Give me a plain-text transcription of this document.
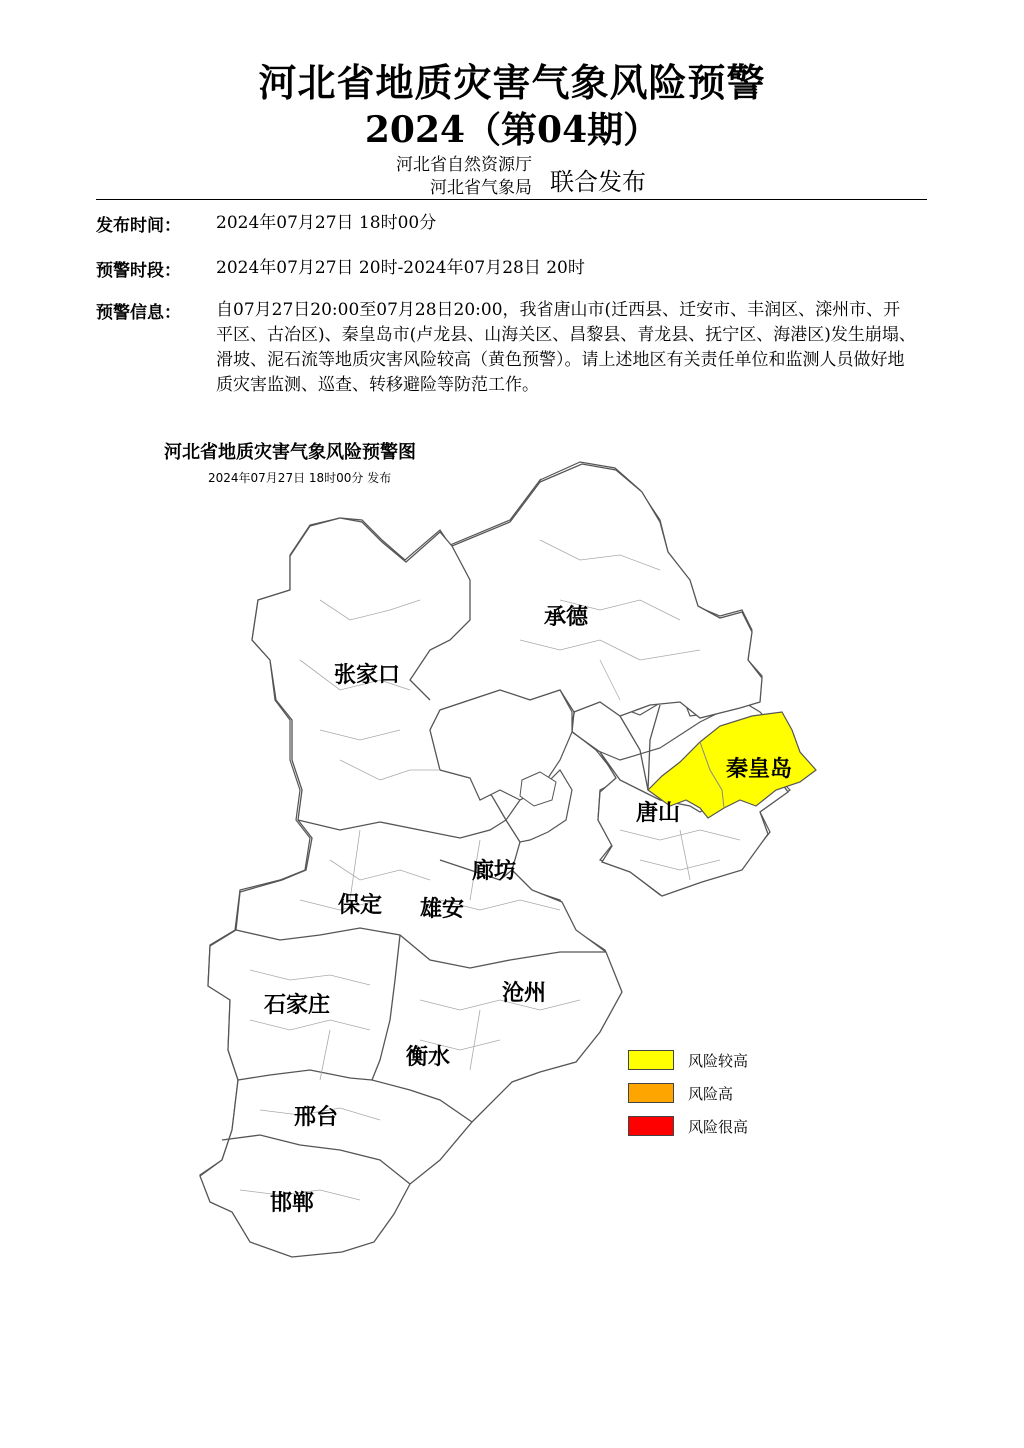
河北省地质灾害气象风险预警
2024（第04期）
河北省自然资源厅
河北省气象局 联合发布
发布时间：	2024年07月27日 18时00分
预警时段：	2024年07月27日 20时-2024年07月28日 20时
预警信息：	自07月27日20:00至07月28日20:00，我省唐山市(迁西县、迁安市、丰润区、滦州市、开平区、古冶区)、秦皇岛市(卢龙县、山海关区、昌黎县、青龙县、抚宁区、海港区)发生崩塌、滑坡、泥石流等地质灾害风险较高（黄色预警）。请上述地区有关责任单位和监测人员做好地质灾害监测、巡查、转移避险等防范工作。
河北省地质灾害气象风险预警图
2024年07月27日 18时00分 发布
承德
张家口
秦皇岛
唐山
廊坊
保定 雄安
沧州
石家庄
衡水
邢台
邯郸
风险较高
风险高
风险很高
